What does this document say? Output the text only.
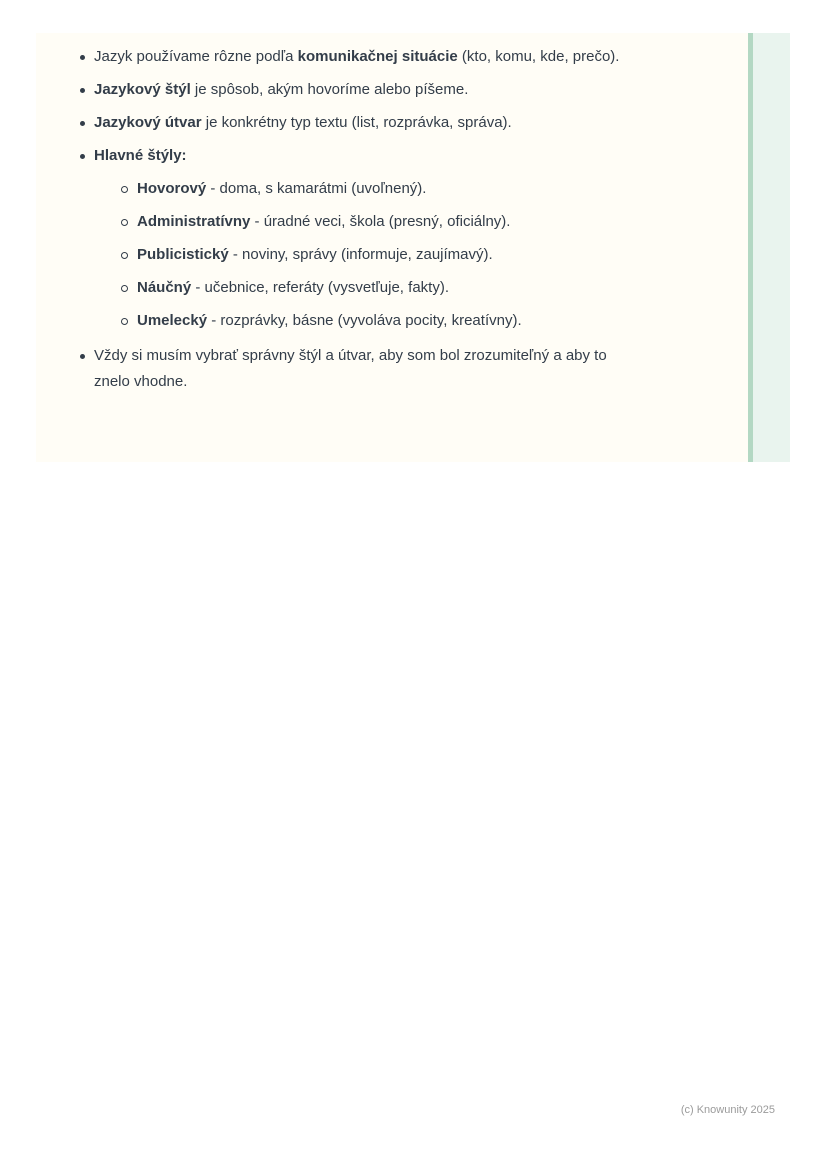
Jazyk používame rôzne podľa komunikačnej situácie (kto, komu, kde, prečo).
Jazykový štýl je spôsob, akým hovoríme alebo píšeme.
Jazykový útvar je konkrétny typ textu (list, rozprávka, správa).
Hlavné štýly:
Hovorový - doma, s kamarátmi (uvoľnený).
Administratívny - úradné veci, škola (presný, oficiálny).
Publicistický - noviny, správy (informuje, zaujímavý).
Náučný - učebnice, referáty (vysvetľuje, fakty).
Umelecký - rozprávky, básne (vyvoláva pocity, kreatívny).
Vždy si musím vybrať správny štýl a útvar, aby som bol zrozumiteľný a aby to znelo vhodne.
(c) Knowunity 2025
